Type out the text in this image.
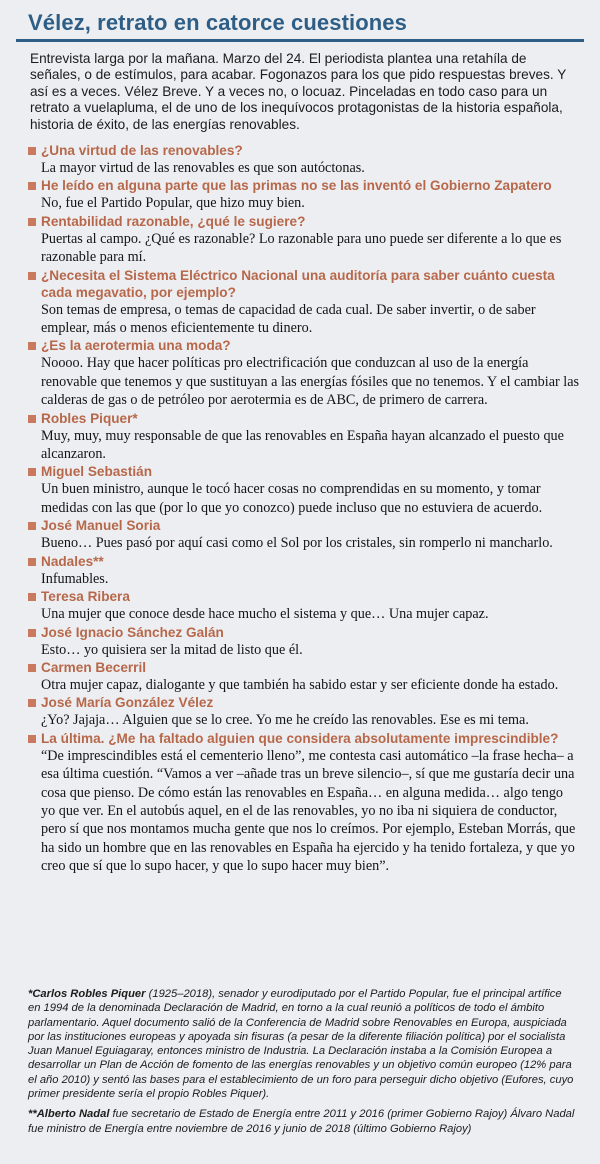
Vélez, retrato en catorce cuestiones
Entrevista larga por la mañana. Marzo del 24. El periodista plantea una retahíla de señales, o de estímulos, para acabar. Fogonazos para los que pido respuestas breves. Y así es a veces. Vélez Breve. Y a veces no, o locuaz. Pinceladas en todo caso para un retrato a vuelapluma, el de uno de los inequívocos protagonistas de la historia española, historia de éxito, de las energías renovables.
¿Una virtud de las renovables?
La mayor virtud de las renovables es que son autóctonas.
He leído en alguna parte que las primas no se las inventó el Gobierno Zapatero
No, fue el Partido Popular, que hizo muy bien.
Rentabilidad razonable, ¿qué le sugiere?
Puertas al campo. ¿Qué es razonable? Lo razonable para uno puede ser diferente a lo que es razonable para mí.
¿Necesita el Sistema Eléctrico Nacional una auditoría para saber cuánto cuesta cada megavatio, por ejemplo?
Son temas de empresa, o temas de capacidad de cada cual. De saber invertir, o de saber emplear, más o menos eficientemente tu dinero.
¿Es la aerotermia una moda?
Noooo. Hay que hacer políticas pro electrificación que conduzcan al uso de la energía renovable que tenemos y que sustituyan a las energías fósiles que no tenemos. Y el cambiar las calderas de gas o de petróleo por aerotermia es de ABC, de primero de carrera.
Robles Piquer*
Muy, muy, muy responsable de que las renovables en España hayan alcanzado el puesto que alcanzaron.
Miguel Sebastián
Un buen ministro, aunque le tocó hacer cosas no comprendidas en su momento, y tomar medidas con las que (por lo que yo conozco) puede incluso que no estuviera de acuerdo.
José Manuel Soria
Bueno… Pues pasó por aquí casi como el Sol por los cristales, sin romperlo ni mancharlo.
Nadales**
Infumables.
Teresa Ribera
Una mujer que conoce desde hace mucho el sistema y que… Una mujer capaz.
José Ignacio Sánchez Galán
Esto… yo quisiera ser la mitad de listo que él.
Carmen Becerril
Otra mujer capaz, dialogante y que también ha sabido estar y ser eficiente donde ha estado.
José María González Vélez
¿Yo? Jajaja… Alguien que se lo cree. Yo me he creído las renovables. Ese es mi tema.
La última. ¿Me ha faltado alguien que considera absolutamente imprescindible?
“De imprescindibles está el cementerio lleno”, me contesta casi automático –la frase hecha– a esa última cuestión. “Vamos a ver –añade tras un breve silencio–, sí que me gustaría decir una cosa que pienso. De cómo están las renovables en España… en alguna medida… algo tengo yo que ver. En el autobús aquel, en el de las renovables, yo no iba ni siquiera de conductor, pero sí que nos montamos mucha gente que nos lo creímos. Por ejemplo, Esteban Morrás, que ha sido un hombre que en las renovables en España ha ejercido y ha tenido fortaleza, y que yo creo que sí que lo supo hacer, y que lo supo hacer muy bien”.
*Carlos Robles Piquer (1925–2018), senador y eurodiputado por el Partido Popular, fue el principal artífice en 1994 de la denominada Declaración de Madrid, en torno a la cual reunió a políticos de todo el ámbito parlamentario. Aquel documento salió de la Conferencia de Madrid sobre Renovables en Europa, auspiciada por las instituciones europeas y apoyada sin fisuras (a pesar de la diferente filiación política) por el socialista Juan Manuel Eguiagaray, entonces ministro de Industria. La Declaración instaba a la Comisión Europea a desarrollar un Plan de Acción de fomento de las energías renovables y un objetivo común europeo (12% para el año 2010) y sentó las bases para el establecimiento de un foro para perseguir dicho objetivo (Eufores, cuyo primer presidente sería el propio Robles Piquer).
**Alberto Nadal fue secretario de Estado de Energía entre 2011 y 2016 (primer Gobierno Rajoy) Álvaro Nadal fue ministro de Energía entre noviembre de 2016 y junio de 2018 (último Gobierno Rajoy)
